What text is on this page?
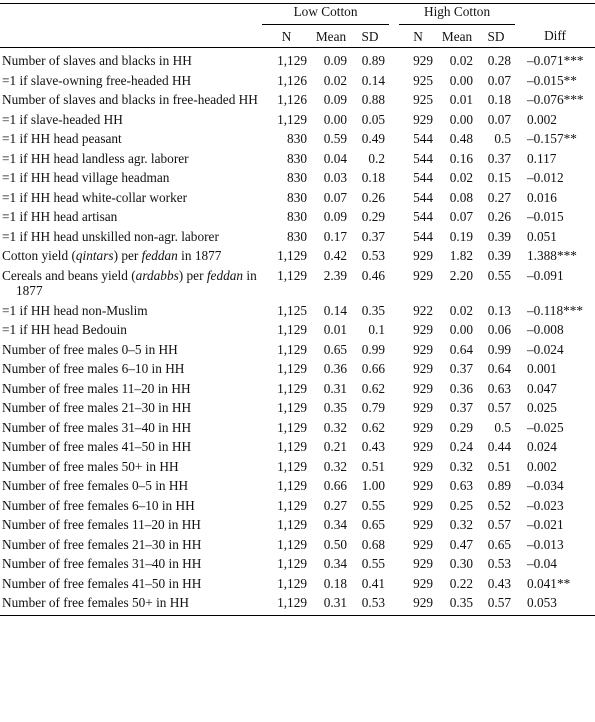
	Low Cotton				High Cotton			
	N	Mean	SD		N	Mean	SD	Diff

Number of slaves and blacks in HH	1,129	0.09	0.89		929	0.02	0.28	–0.071***

=1 if slave-owning free-headed HH	1,126	0.02	0.14		925	0.00	0.07	–0.015**

Number of slaves and blacks in free-headed HH	1,126	0.09	0.88		925	0.01	0.18	–0.076***

=1 if slave-headed HH	1,129	0.00	0.05		929	0.00	0.07	0.002

=1 if HH head peasant	830	0.59	0.49		544	0.48	0.5	–0.157**

=1 if HH head landless agr. laborer	830	0.04	0.2		544	0.16	0.37	0.117

=1 if HH head village headman	830	0.03	0.18		544	0.02	0.15	–0.012

=1 if HH head white-collar worker	830	0.07	0.26		544	0.08	0.27	0.016

=1 if HH head artisan	830	0.09	0.29		544	0.07	0.26	–0.015

=1 if HH head unskilled non-agr. laborer	830	0.17	0.37		544	0.19	0.39	0.051

Cotton yield (qintars) per feddan in 1877	1,129	0.42	0.53		929	1.82	0.39	1.388***

Cereals and beans yield (ardabbs) per feddan in 1877	1,129	2.39	0.46		929	2.20	0.55	–0.091

=1 if HH head non-Muslim	1,125	0.14	0.35		922	0.02	0.13	–0.118***

=1 if HH head Bedouin	1,129	0.01	0.1		929	0.00	0.06	–0.008

Number of free males 0–5 in HH	1,129	0.65	0.99		929	0.64	0.99	–0.024

Number of free males 6–10 in HH	1,129	0.36	0.66		929	0.37	0.64	0.001

Number of free males 11–20 in HH	1,129	0.31	0.62		929	0.36	0.63	0.047

Number of free males 21–30 in HH	1,129	0.35	0.79		929	0.37	0.57	0.025

Number of free males 31–40 in HH	1,129	0.32	0.62		929	0.29	0.5	–0.025

Number of free males 41–50 in HH	1,129	0.21	0.43		929	0.24	0.44	0.024

Number of free males 50+ in HH	1,129	0.32	0.51		929	0.32	0.51	0.002

Number of free females 0–5 in HH	1,129	0.66	1.00		929	0.63	0.89	–0.034

Number of free females 6–10 in HH	1,129	0.27	0.55		929	0.25	0.52	–0.023

Number of free females 11–20 in HH	1,129	0.34	0.65		929	0.32	0.57	–0.021

Number of free females 21–30 in HH	1,129	0.50	0.68		929	0.47	0.65	–0.013

Number of free females 31–40 in HH	1,129	0.34	0.55		929	0.30	0.53	–0.04

Number of free females 41–50 in HH	1,129	0.18	0.41		929	0.22	0.43	0.041**

Number of free females 50+ in HH	1,129	0.31	0.53		929	0.35	0.57	0.053
